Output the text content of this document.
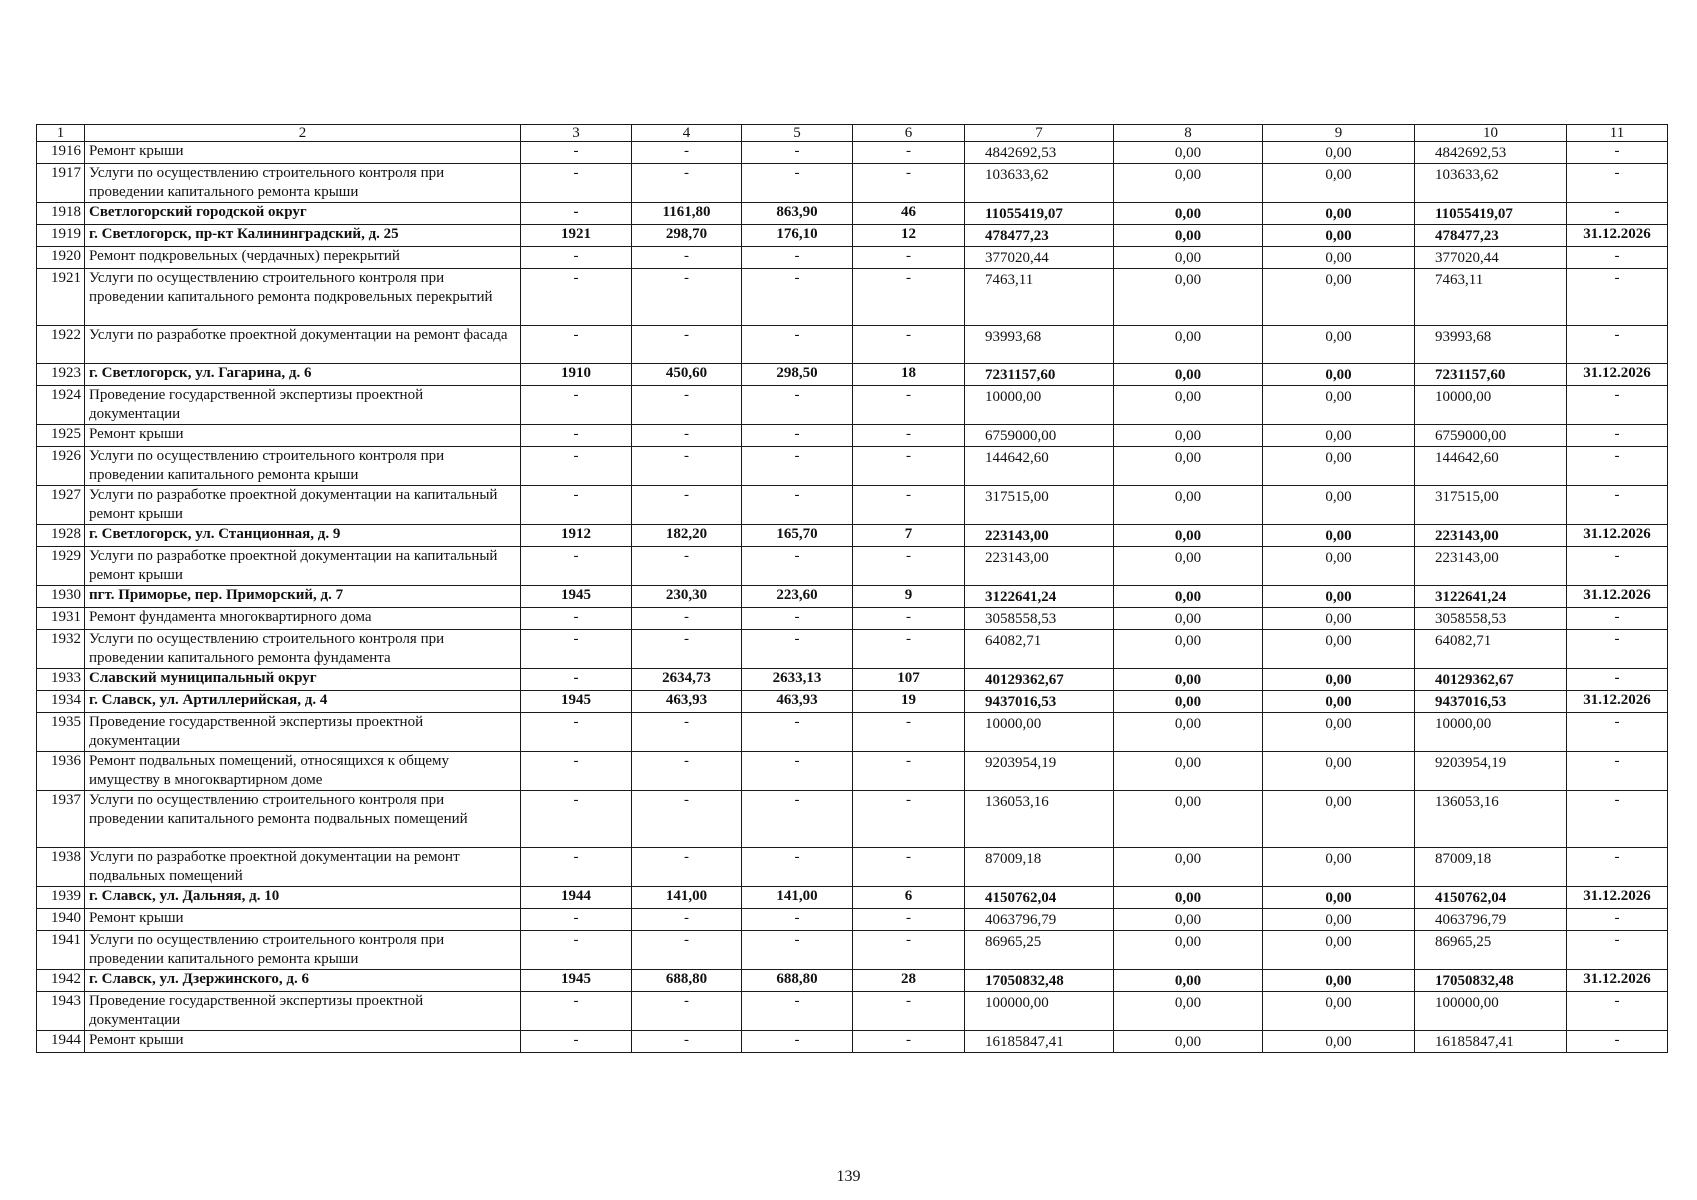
1	2	3	4	5	6	7	8	9	10	11
1916	Ремонт крыши	-	-	-	-	4842692,53	0,00	0,00	4842692,53	-
1917	Услуги по осуществлению строительного контроля при проведении капитального ремонта крыши	-	-	-	-	103633,62	0,00	0,00	103633,62	-
1918	Светлогорский городской округ	-	1161,80	863,90	46	11055419,07	0,00	0,00	11055419,07	-
1919	г. Светлогорск, пр-кт Калининградский, д. 25	1921	298,70	176,10	12	478477,23	0,00	0,00	478477,23	31.12.2026
1920	Ремонт подкровельных (чердачных) перекрытий	-	-	-	-	377020,44	0,00	0,00	377020,44	-
1921	Услуги по осуществлению строительного контроля при проведении капитального ремонта подкровельных перекрытий	-	-	-	-	7463,11	0,00	0,00	7463,11	-
1922	Услуги по разработке проектной документации на ремонт фасада	-	-	-	-	93993,68	0,00	0,00	93993,68	-
1923	г. Светлогорск, ул. Гагарина, д. 6	1910	450,60	298,50	18	7231157,60	0,00	0,00	7231157,60	31.12.2026
1924	Проведение государственной экспертизы проектной документации	-	-	-	-	10000,00	0,00	0,00	10000,00	-
1925	Ремонт крыши	-	-	-	-	6759000,00	0,00	0,00	6759000,00	-
1926	Услуги по осуществлению строительного контроля при проведении капитального ремонта крыши	-	-	-	-	144642,60	0,00	0,00	144642,60	-
1927	Услуги по разработке проектной документации на капитальный ремонт крыши	-	-	-	-	317515,00	0,00	0,00	317515,00	-
1928	г. Светлогорск, ул. Станционная, д. 9	1912	182,20	165,70	7	223143,00	0,00	0,00	223143,00	31.12.2026
1929	Услуги по разработке проектной документации на капитальный ремонт крыши	-	-	-	-	223143,00	0,00	0,00	223143,00	-
1930	пгт. Приморье, пер. Приморский, д. 7	1945	230,30	223,60	9	3122641,24	0,00	0,00	3122641,24	31.12.2026
1931	Ремонт фундамента многоквартирного дома	-	-	-	-	3058558,53	0,00	0,00	3058558,53	-
1932	Услуги по осуществлению строительного контроля при проведении капитального ремонта фундамента	-	-	-	-	64082,71	0,00	0,00	64082,71	-
1933	Славский муниципальный округ	-	2634,73	2633,13	107	40129362,67	0,00	0,00	40129362,67	-
1934	г. Славск, ул. Артиллерийская, д. 4	1945	463,93	463,93	19	9437016,53	0,00	0,00	9437016,53	31.12.2026
1935	Проведение государственной экспертизы проектной документации	-	-	-	-	10000,00	0,00	0,00	10000,00	-
1936	Ремонт подвальных помещений, относящихся к общему имуществу в многоквартирном доме	-	-	-	-	9203954,19	0,00	0,00	9203954,19	-
1937	Услуги по осуществлению строительного контроля при проведении капитального ремонта подвальных помещений	-	-	-	-	136053,16	0,00	0,00	136053,16	-
1938	Услуги по разработке проектной документации на ремонт подвальных помещений	-	-	-	-	87009,18	0,00	0,00	87009,18	-
1939	г. Славск, ул. Дальняя, д. 10	1944	141,00	141,00	6	4150762,04	0,00	0,00	4150762,04	31.12.2026
1940	Ремонт крыши	-	-	-	-	4063796,79	0,00	0,00	4063796,79	-
1941	Услуги по осуществлению строительного контроля при проведении капитального ремонта крыши	-	-	-	-	86965,25	0,00	0,00	86965,25	-
1942	г. Славск, ул. Дзержинского, д. 6	1945	688,80	688,80	28	17050832,48	0,00	0,00	17050832,48	31.12.2026
1943	Проведение государственной экспертизы проектной документации	-	-	-	-	100000,00	0,00	0,00	100000,00	-
1944	Ремонт крыши	-	-	-	-	16185847,41	0,00	0,00	16185847,41	-
139
